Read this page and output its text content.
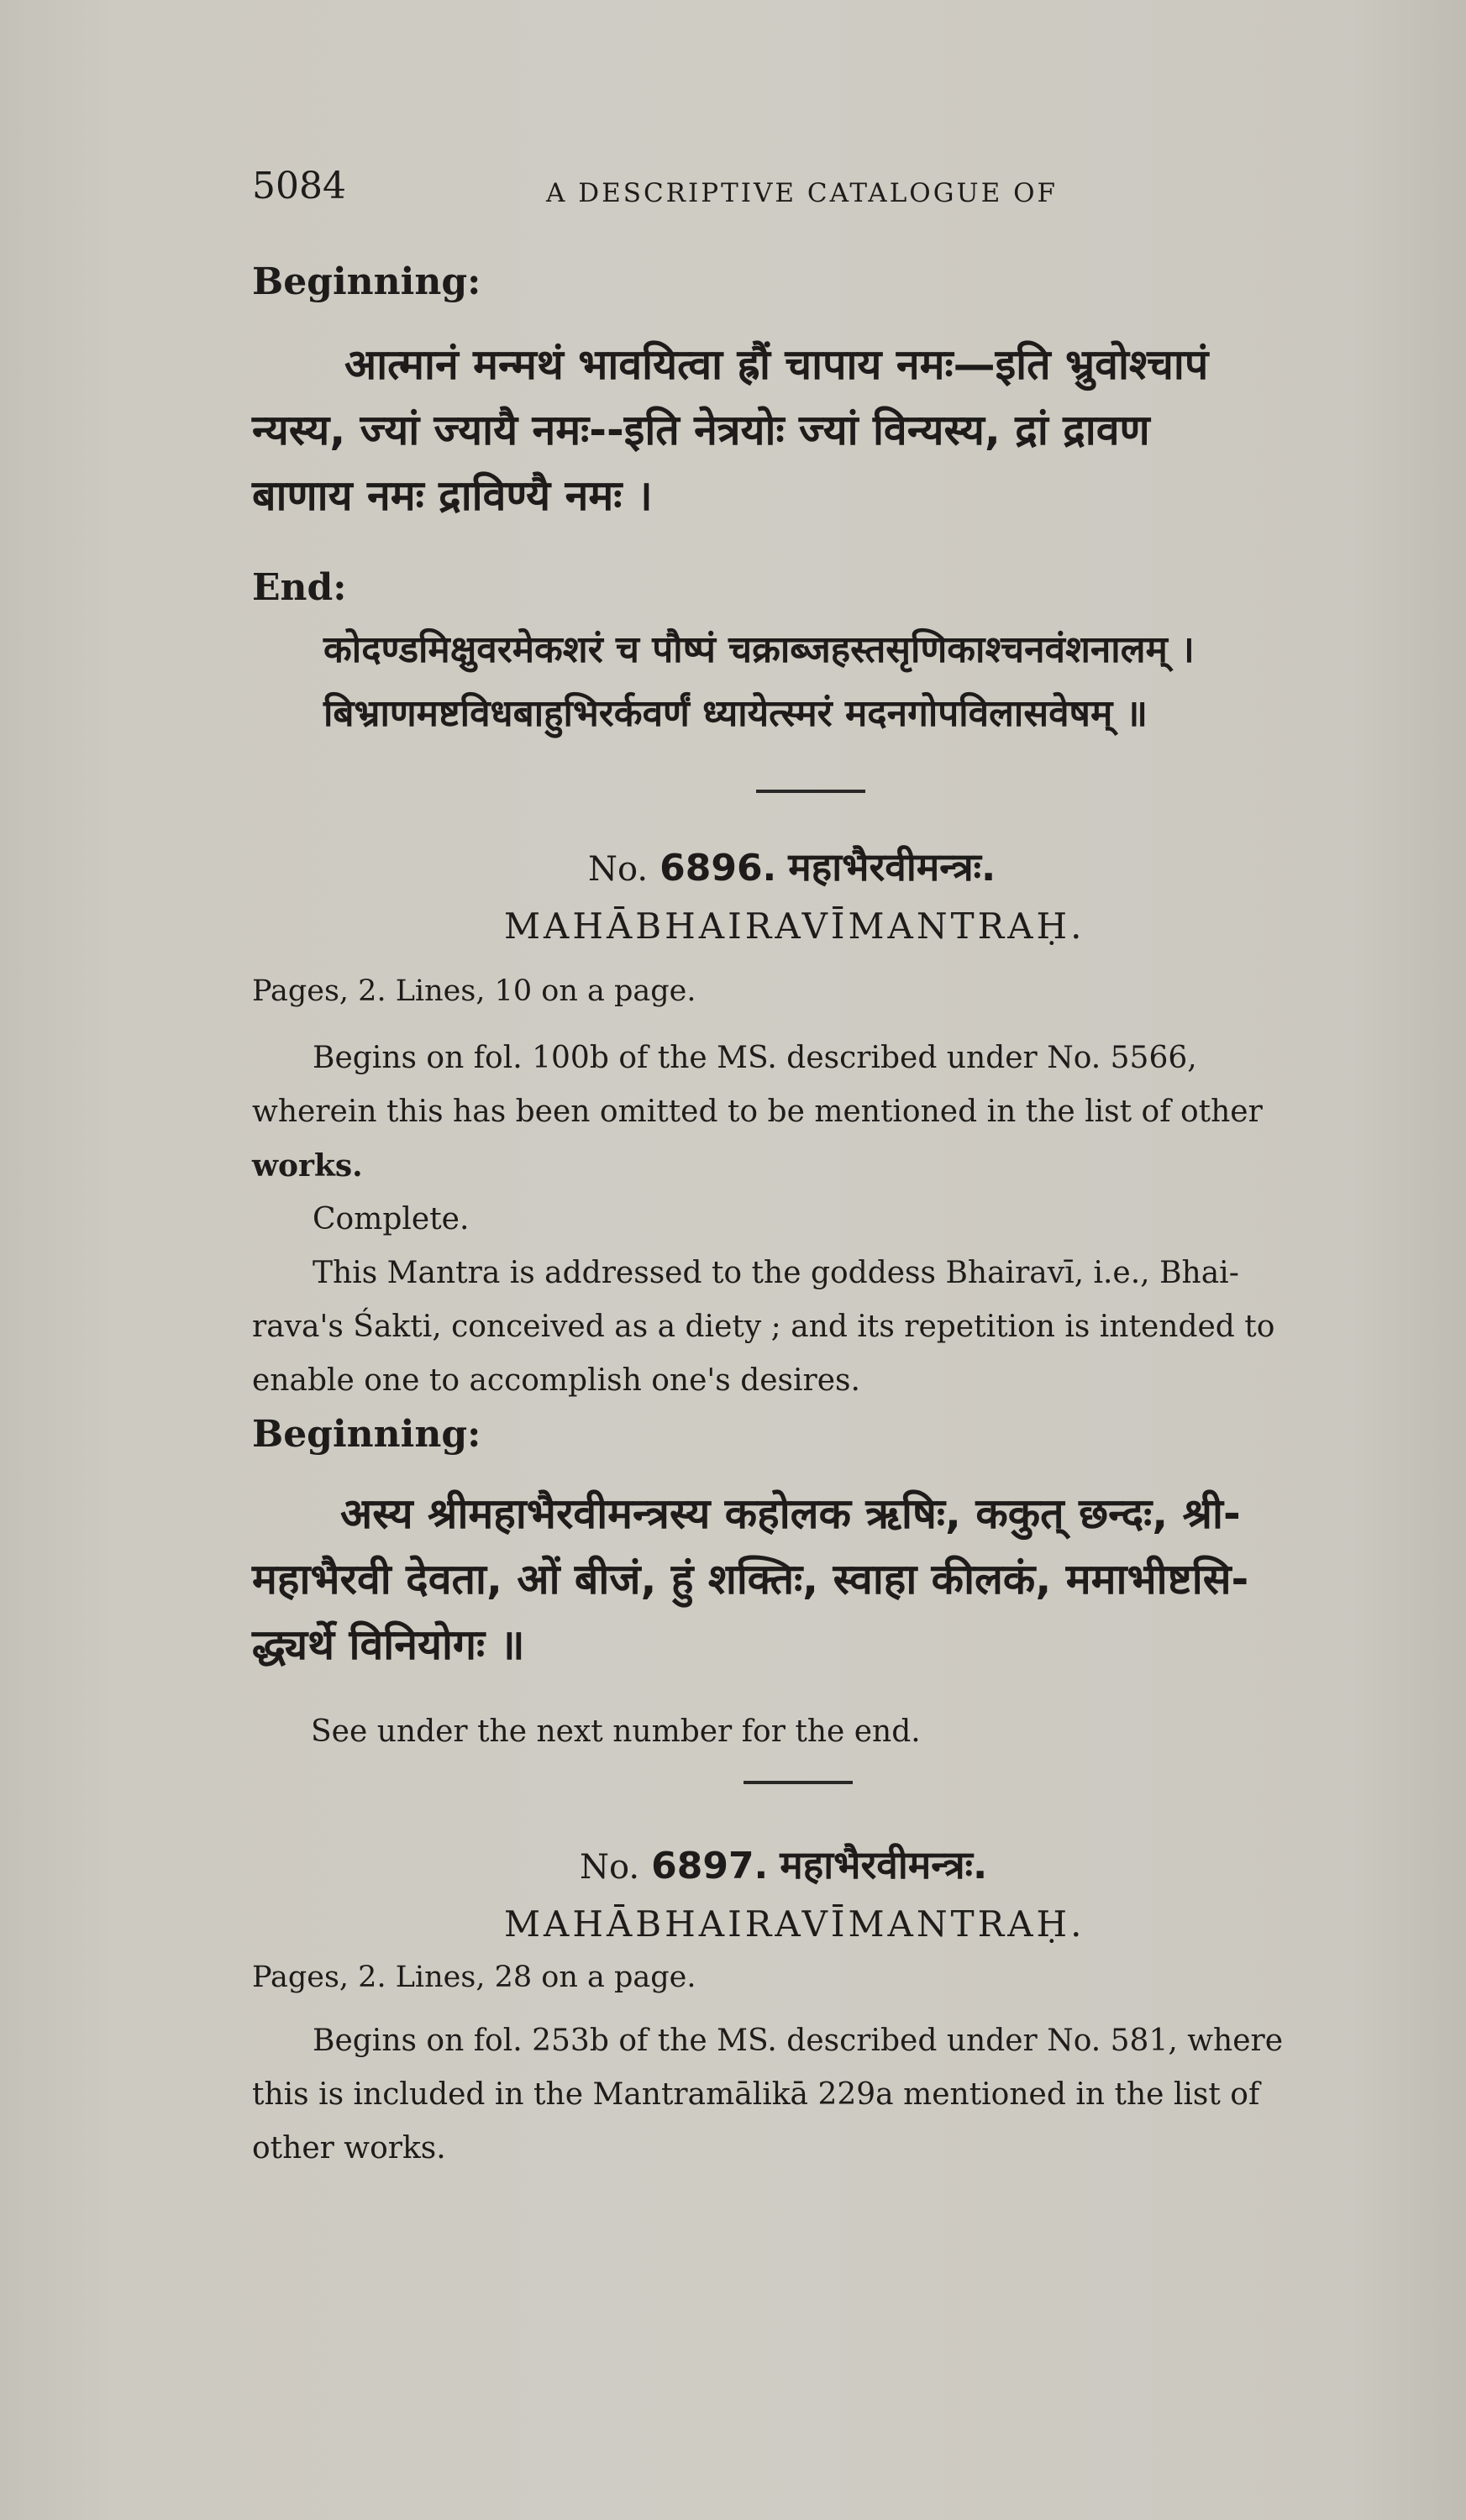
5084	A DESCRIPTIVE CATALOGUE OF
Beginning:
आत्मानं मन्मथं भावयित्वा ह्रौं चापाय नमः—इति भ्रुवोश्चापं
न्यस्य, ज्यां ज्यायै नमः--इति नेत्रयोः ज्यां विन्यस्य, द्रां द्रावण
बाणाय नमः द्राविण्यै नमः ।
End:
कोदण्डमिक्षुवरमेकशरं च पौष्पं चक्राब्जहस्तसृणिकाश्चनवंशनालम् ।
बिभ्राणमष्टविधबाहुभिरर्कवर्णं ध्यायेत्स्मरं मदनगोपविलासवेषम् ॥
No. 6896. महाभैरवीमन्त्रः.
MAHĀBHAIRAVĪMANTRAḤ.
Pages, 2. Lines, 10 on a page.
Begins on fol. 100b of the MS. described under No. 5566,
wherein this has been omitted to be mentioned in the list of other
works.
Complete.
This Mantra is addressed to the goddess Bhairavī, i.e., Bhai-
rava's Śakti, conceived as a diety ; and its repetition is intended to
enable one to accomplish one's desires.
Beginning:
अस्य श्रीमहाभैरवीमन्त्रस्य कहोलक ऋषिः, ककुत् छन्दः, श्री-
महाभैरवी देवता, ओं बीजं, हुं शक्तिः, स्वाहा कीलकं, ममाभीष्टसि-
द्ध्यर्थे विनियोगः ॥
See under the next number for the end.
No. 6897. महाभैरवीमन्त्रः.
MAHĀBHAIRAVĪMANTRAḤ.
Pages, 2. Lines, 28 on a page.
Begins on fol. 253b of the MS. described under No. 581, where
this is included in the Mantramālikā 229a mentioned in the list of
other works.
